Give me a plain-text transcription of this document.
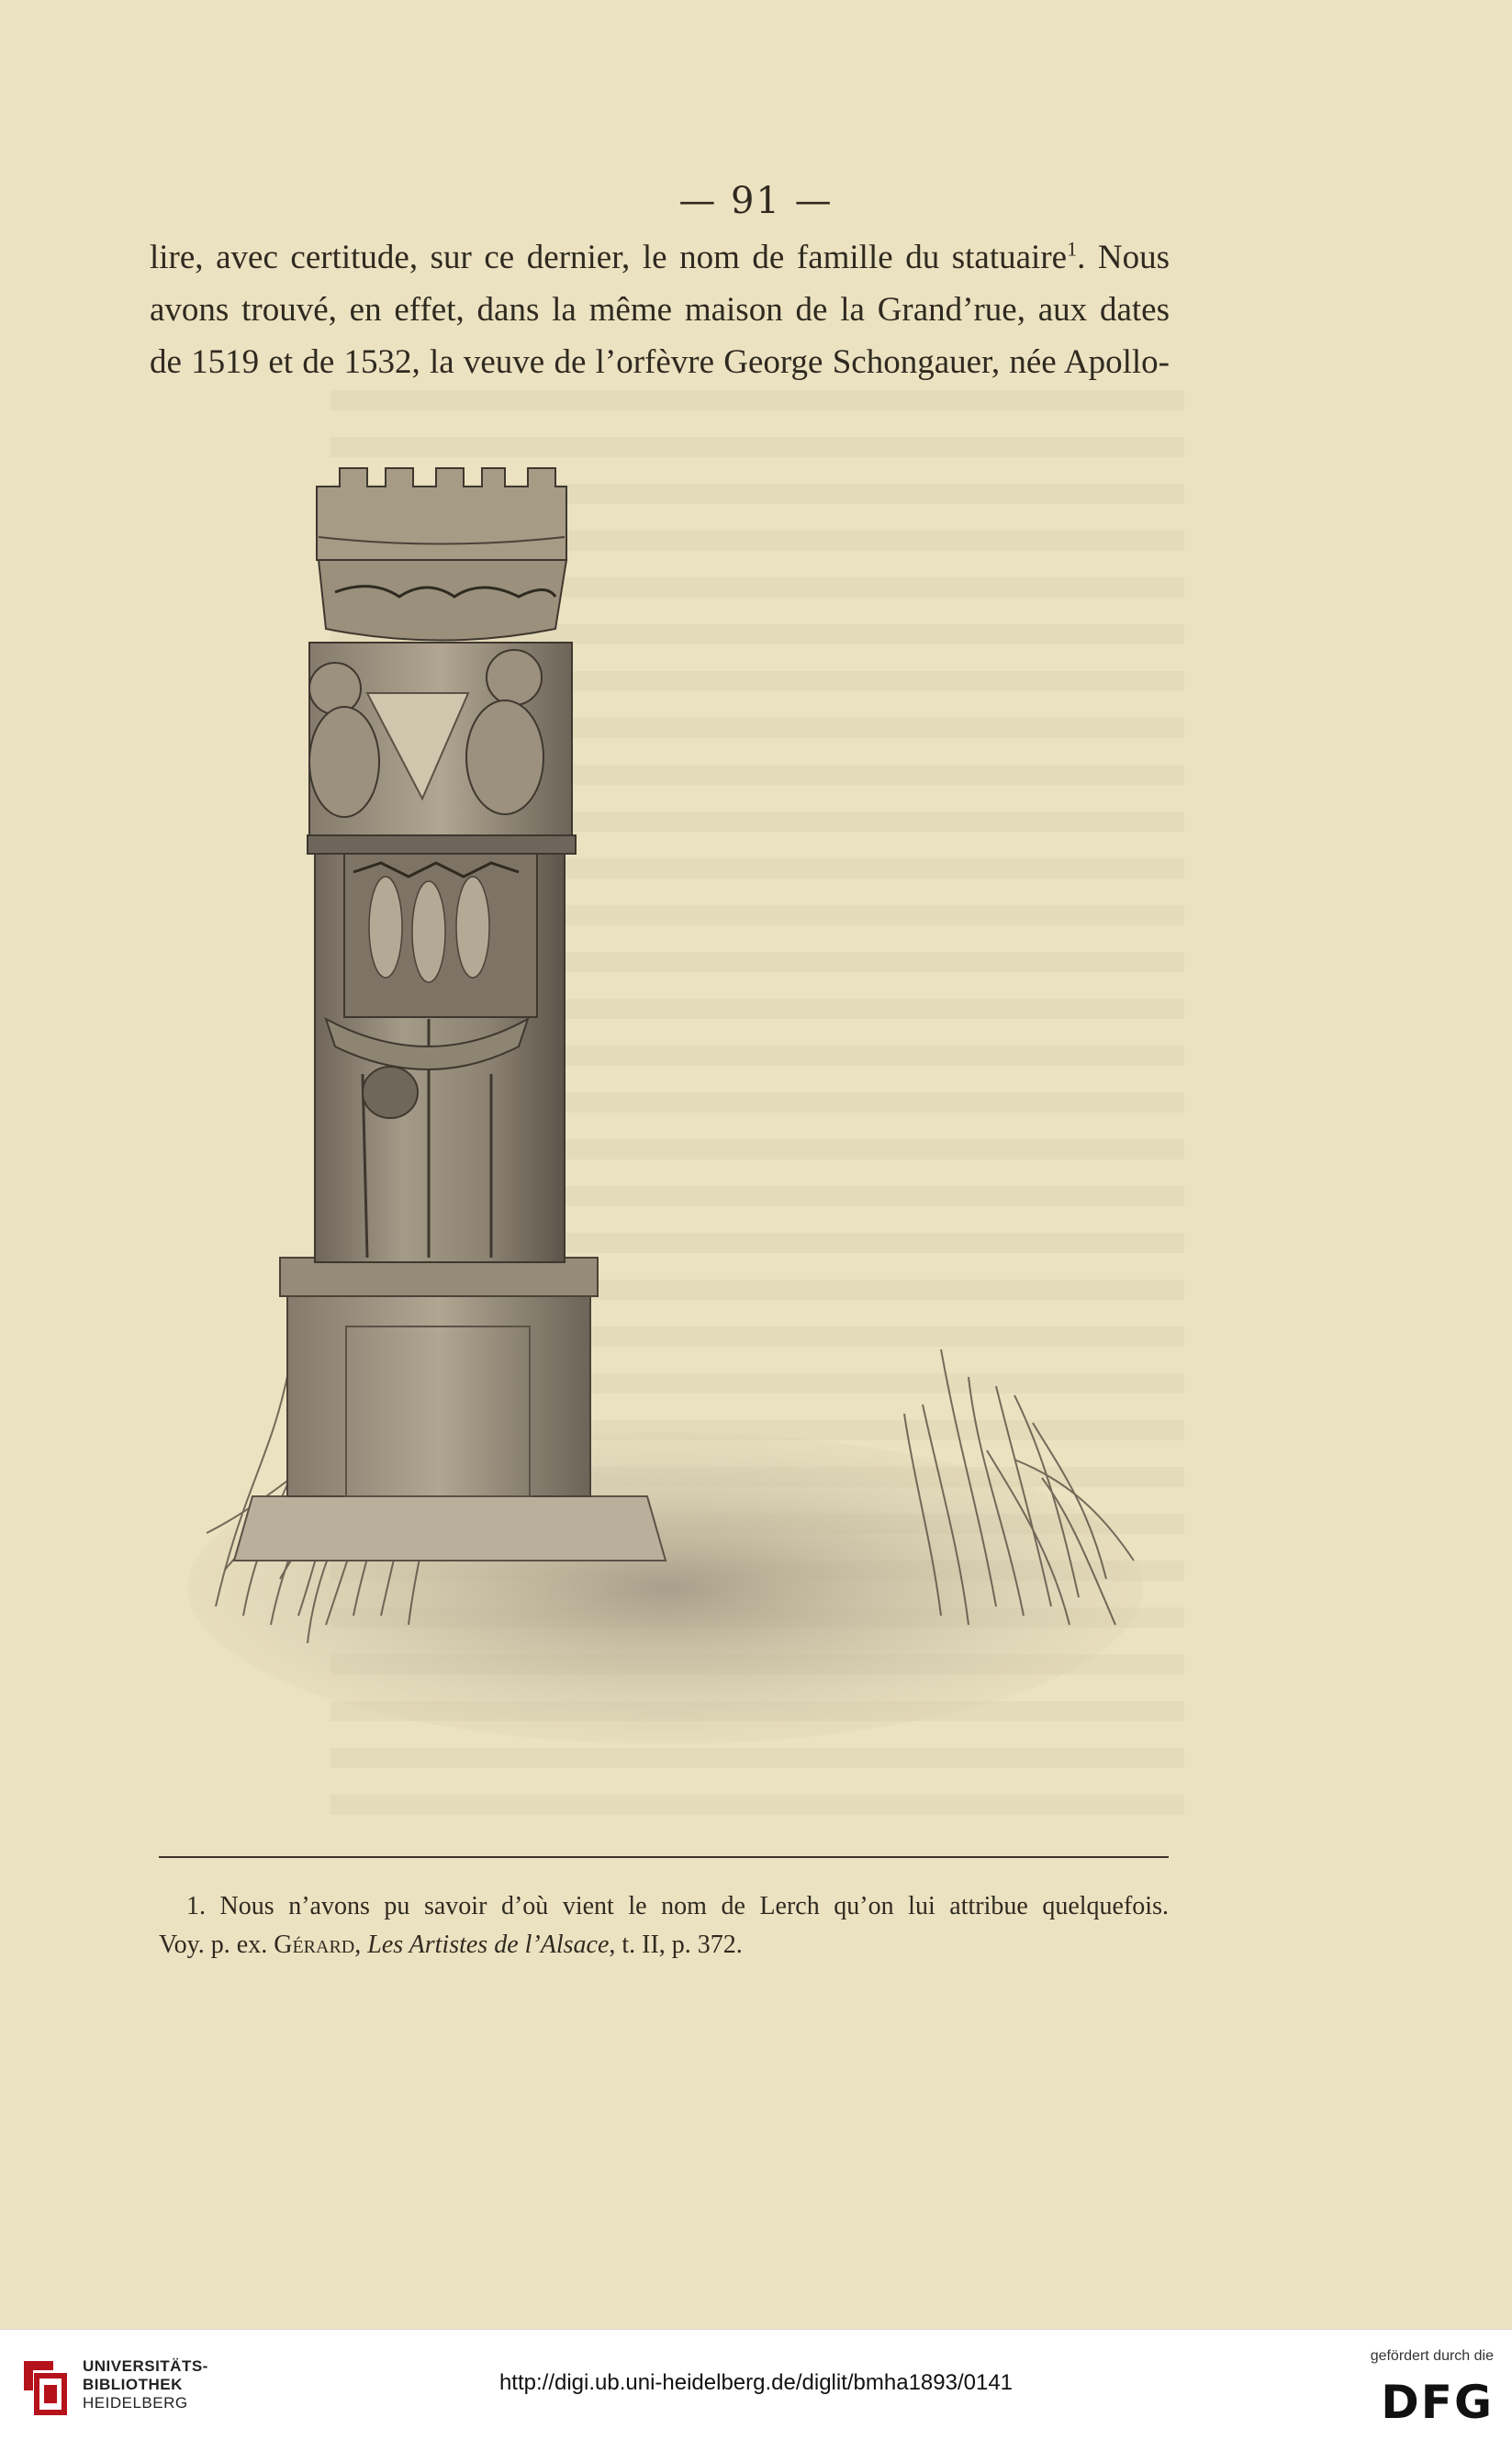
— 91 —
lire, avec certitude, sur ce dernier, le nom de famille du statuaire$^1$. Nous
avons trouvé, en effet, dans la même maison de la Grand’rue, aux dates
de 1519 et de 1532, la veuve de l’orfèvre George Schongauer, née Apollo-
1. Nous n’avons pu savoir d’où vient le nom de Lerch qu’on lui attribue quelquefois.
Voy. p. ex. Gérard, Les Artistes de l’Alsace, t. II, p. 372.
UNIVERSITÄTS-
BIBLIOTHEK
HEIDELBERG
http://digi.ub.uni-heidelberg.de/diglit/bmha1893/0141
gefördert durch die
DFG
